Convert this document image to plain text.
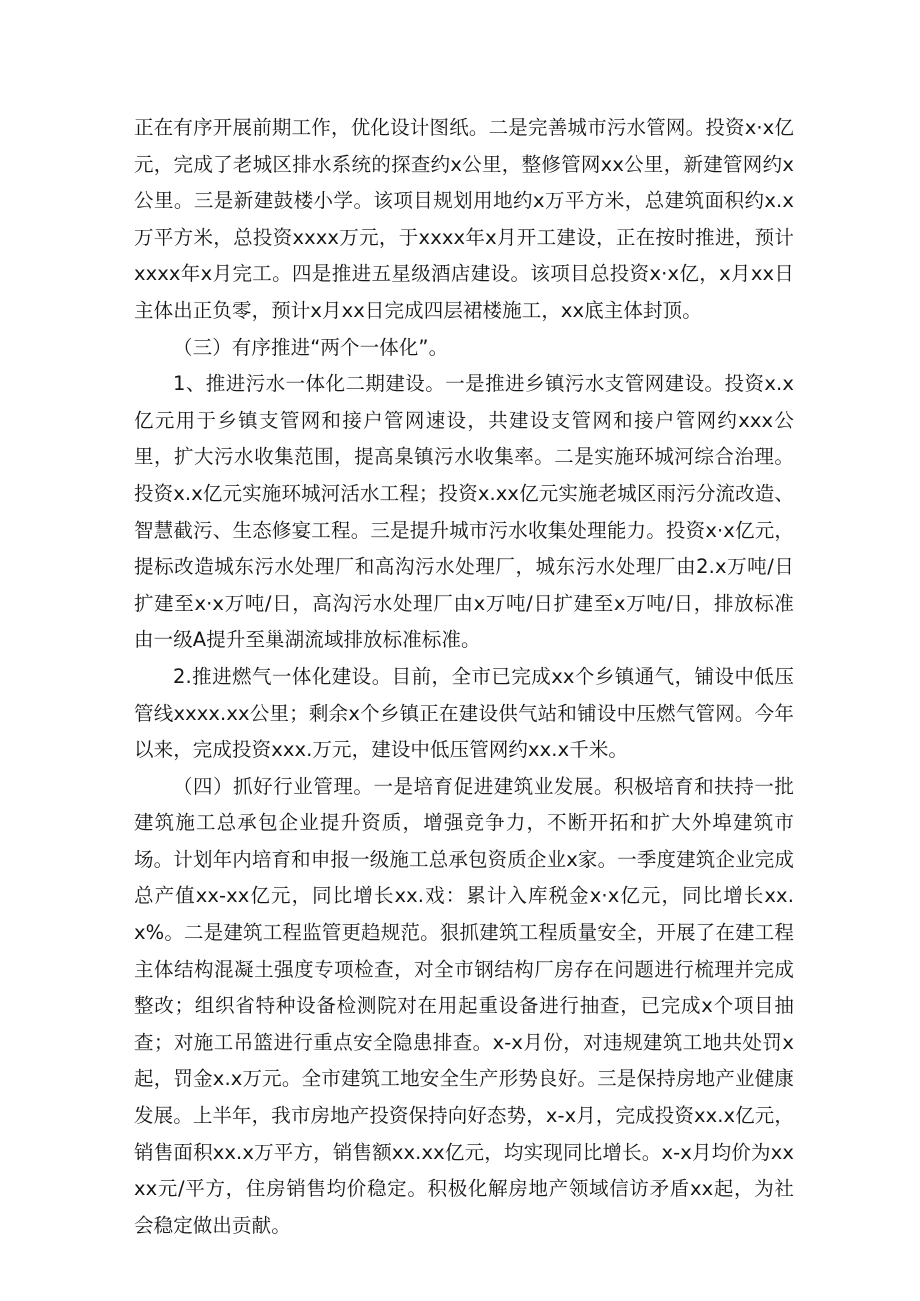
正在有序开展前期工作，优化设计图纸。二是完善城市污水管网。投资x·x亿元，完成了老城区排水系统的探查约x公里，整修管网xx公里，新建管网约x公里。三是新建鼓楼小学。该项目规划用地约x万平方米，总建筑面积约x.x万平方米，总投资xxxx万元，于xxxx年x月开工建设，正在按时推进，预计xxxx年x月完工。四是推进五星级酒店建设。该项目总投资x·x亿，x月xx日主体出正负零，预计x月xx日完成四层裙楼施工，xx底主体封顶。

（三）有序推进“两个一体化”。

1、推进污水一体化二期建设。一是推进乡镇污水支管网建设。投资x.x亿元用于乡镇支管网和接户管网速设，共建设支管网和接户管网约xxx公里，扩大污水收集范围，提高臬镇污水收集率。二是实施环城河综合治理。投资x.x亿元实施环城河活水工程；投资x.xx亿元实施老城区雨污分流改造、智慧截污、生态修宴工程。三是提升城市污水收集处理能力。投资x·x亿元，提标改造城东污水处理厂和高沟污水处理厂，城东污水处理厂由2.x万吨/日扩建至x·x万吨/日，高沟污水处理厂由x万吨/日扩建至x万吨/日，排放标准由一级A提升至巢湖流域排放标准标准。

2.推进燃气一体化建设。目前，全市已完成xx个乡镇通气，铺设中低压管线xxxx.xx公里；剩余x个乡镇正在建设供气站和铺设中压燃气管网。今年以来，完成投资xxx.万元，建设中低压管网约xx.x千米。

（四）抓好行业管理。一是培育促进建筑业发展。积极培育和扶持一批建筑施工总承包企业提升资质，增强竞争力，不断开拓和扩大外埠建筑市场。计划年内培育和申报一级施工总承包资质企业x家。一季度建筑企业完成总产值xx-xx亿元，同比增长xx.戏：累计入库税金x·x亿元，同比增长xx.x%。二是建筑工程监管更趋规范。狠抓建筑工程质量安全，开展了在建工程主体结构混凝土强度专项检查，对全市钢结构厂房存在问题进行梳理并完成整改；组织省特种设备检测院对在用起重设备进行抽查，已完成x个项目抽查；对施工吊篮进行重点安全隐患排查。x-x月份，对违规建筑工地共处罚x起，罚金x.x万元。全市建筑工地安全生产形势良好。三是保持房地产业健康发展。上半年，我市房地产投资保持向好态势，x-x月，完成投资xx.x亿元，销售面积xx.x万平方，销售额xx.xx亿元，均实现同比增长。x-x月均价为xxxx元/平方，住房销售均价稳定。积极化解房地产领域信访矛盾xx起，为社会稳定做出贡献。
